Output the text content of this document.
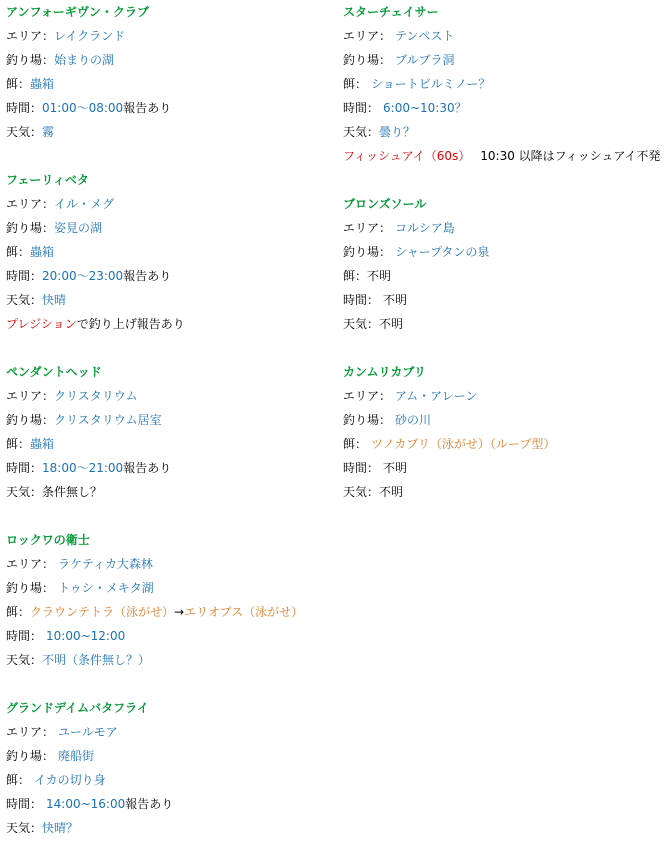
アンフォーギヴン・クラブ
エリア：レイクランド
釣り場：始まりの湖
餌：蟲箱
時間：01:00～08:00報告あり
天気：霧
フェーリィベタ
エリア：イル・メグ
釣り場：姿見の湖
餌：蟲箱
時間：20:00～23:00報告あり
天気：快晴
プレジションで釣り上げ報告あり
ペンダントヘッド
エリア：クリスタリウム
釣り場：クリスタリウム居室
餌：蟲箱
時間：18:00～21:00報告あり
天気：条件無し？
ロックワの衛士
エリア： ラケティカ大森林
釣り場： トゥシ・メキタ湖
餌：クラウンテトラ（泳がせ）→エリオプス（泳がせ）
時間： 10:00~12:00
天気：不明（条件無し？）
グランドデイムバタフライ
エリア： ユールモア
釣り場： 廃船街
餌： イカの切り身
時間： 14:00~16:00報告あり
天気：快晴？
スターチェイサー
エリア： テンペスト
釣り場： ブルブラ洞
餌： ショートビルミノー？
時間： 6:00~10:30？
天気：曇り？
フィッシュアイ（60s） 10:30 以降はフィッシュアイ不発
ブロンズソール
エリア： コルシア島
釣り場： シャープタンの泉
餌：不明
時間： 不明
天気：不明
カンムリカブリ
エリア： アム・アレーン
釣り場： 砂の川
餌： ツノカブリ（泳がせ）（ルーブ型）
時間： 不明
天気：不明
